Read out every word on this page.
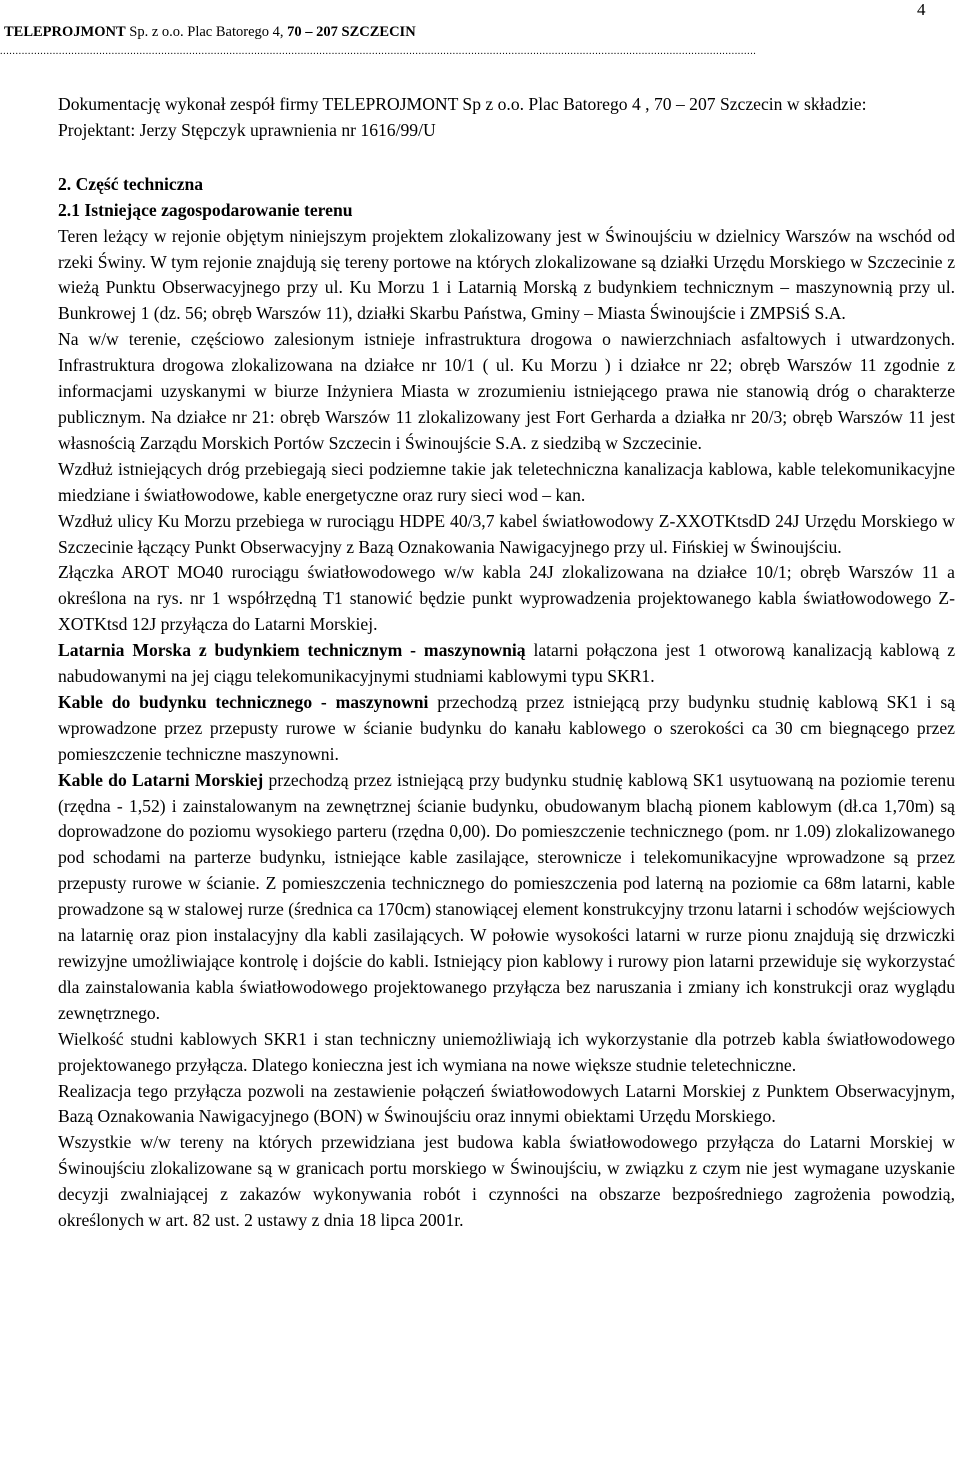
4
TELEPROJMONT Sp. z o.o. Plac Batorego 4, 70 – 207 SZCZECIN
....................................................................................................................................................................................................................................................

Dokumentację wykonał zespół firmy TELEPROJMONT Sp z o.o. Plac Batorego 4 , 70 – 207 Szczecin w składzie:

Projektant: Jerzy Stępczyk uprawnienia nr 1616/99/U

2. Część techniczna

2.1 Istniejące zagospodarowanie terenu

Teren leżący w rejonie objętym niniejszym projektem zlokalizowany jest w Świnoujściu w dzielnicy Warszów na wschód od rzeki Świny. W tym rejonie znajdują się tereny portowe na których zlokalizowane są działki Urzędu Morskiego w Szczecinie z wieżą Punktu Obserwacyjnego przy ul. Ku Morzu 1 i Latarnią Morską z budynkiem technicznym – maszynownią przy ul. Bunkrowej 1 (dz. 56; obręb Warszów 11), działki Skarbu Państwa, Gminy – Miasta Świnoujście i ZMPSiŚ S.A.

Na w/w terenie, częściowo zalesionym istnieje infrastruktura drogowa o nawierzchniach asfaltowych i utwardzonych. Infrastruktura drogowa zlokalizowana na działce nr 10/1 ( ul. Ku Morzu ) i działce nr 22; obręb Warszów 11 zgodnie z informacjami uzyskanymi w biurze Inżyniera Miasta w zrozumieniu istniejącego prawa nie stanowią dróg o charakterze publicznym. Na działce nr 21: obręb Warszów 11 zlokalizowany jest Fort Gerharda a działka nr 20/3; obręb Warszów 11 jest własnością Zarządu Morskich Portów Szczecin i Świnoujście S.A. z siedzibą w Szczecinie.

Wzdłuż istniejących dróg przebiegają sieci podziemne takie jak teletechniczna kanalizacja kablowa, kable telekomunikacyjne miedziane i światłowodowe, kable energetyczne oraz rury sieci wod – kan.

Wzdłuż ulicy Ku Morzu przebiega w rurociągu HDPE 40/3,7 kabel światłowodowy Z-XXOTKtsdD 24J Urzędu Morskiego w Szczecinie łączący Punkt Obserwacyjny z Bazą Oznakowania Nawigacyjnego przy ul. Fińskiej w Świnoujściu.

Złączka AROT MO40 rurociągu światłowodowego w/w kabla 24J zlokalizowana na działce 10/1; obręb Warszów 11 a określona na rys. nr 1 współrzędną T1 stanowić będzie punkt wyprowadzenia projektowanego kabla światłowodowego Z-XOTKtsd 12J przyłącza do Latarni Morskiej.

Latarnia Morska z budynkiem technicznym - maszynownią latarni połączona jest 1 otworową kanalizacją kablową z nabudowanymi na jej ciągu telekomunikacyjnymi studniami kablowymi typu SKR1.

Kable do budynku technicznego - maszynowni przechodzą przez istniejącą przy budynku studnię kablową SK1 i są wprowadzone przez przepusty rurowe w ścianie budynku do kanału kablowego o szerokości ca 30 cm biegnącego przez pomieszczenie techniczne maszynowni.

Kable do Latarni Morskiej przechodzą przez istniejącą przy budynku studnię kablową SK1 usytuowaną na poziomie terenu (rzędna - 1,52) i zainstalowanym na zewnętrznej ścianie budynku, obudowanym blachą pionem kablowym (dł.ca 1,70m) są doprowadzone do poziomu wysokiego parteru (rzędna 0,00). Do pomieszczenie technicznego (pom. nr 1.09) zlokalizowanego pod schodami na parterze budynku, istniejące kable zasilające, sterownicze i telekomunikacyjne wprowadzone są przez przepusty rurowe w ścianie. Z pomieszczenia technicznego do pomieszczenia pod laterną na poziomie ca 68m latarni, kable prowadzone są w stalowej rurze (średnica ca 170cm) stanowiącej element konstrukcyjny trzonu latarni i schodów wejściowych na latarnię oraz pion instalacyjny dla kabli zasilających. W połowie wysokości latarni w rurze pionu znajdują się drzwiczki rewizyjne umożliwiające kontrolę i dojście do kabli. Istniejący pion kablowy i rurowy pion latarni przewiduje się wykorzystać dla zainstalowania kabla światłowodowego projektowanego przyłącza bez naruszania i zmiany ich konstrukcji oraz wyglądu zewnętrznego.

Wielkość studni kablowych SKR1 i stan techniczny uniemożliwiają ich wykorzystanie dla potrzeb kabla światłowodowego projektowanego przyłącza. Dlatego konieczna jest ich wymiana na nowe większe studnie teletechniczne.

Realizacja tego przyłącza pozwoli na zestawienie połączeń światłowodowych Latarni Morskiej z Punktem Obserwacyjnym, Bazą Oznakowania Nawigacyjnego (BON) w Świnoujściu oraz innymi obiektami Urzędu Morskiego.

Wszystkie w/w tereny na których przewidziana jest budowa kabla światłowodowego przyłącza do Latarni Morskiej w Świnoujściu zlokalizowane są w granicach portu morskiego w Świnoujściu, w związku z czym nie jest wymagane uzyskanie decyzji zwalniającej z zakazów wykonywania robót i czynności na obszarze bezpośredniego zagrożenia powodzią, określonych w art. 82 ust. 2 ustawy z dnia 18 lipca 2001r.
